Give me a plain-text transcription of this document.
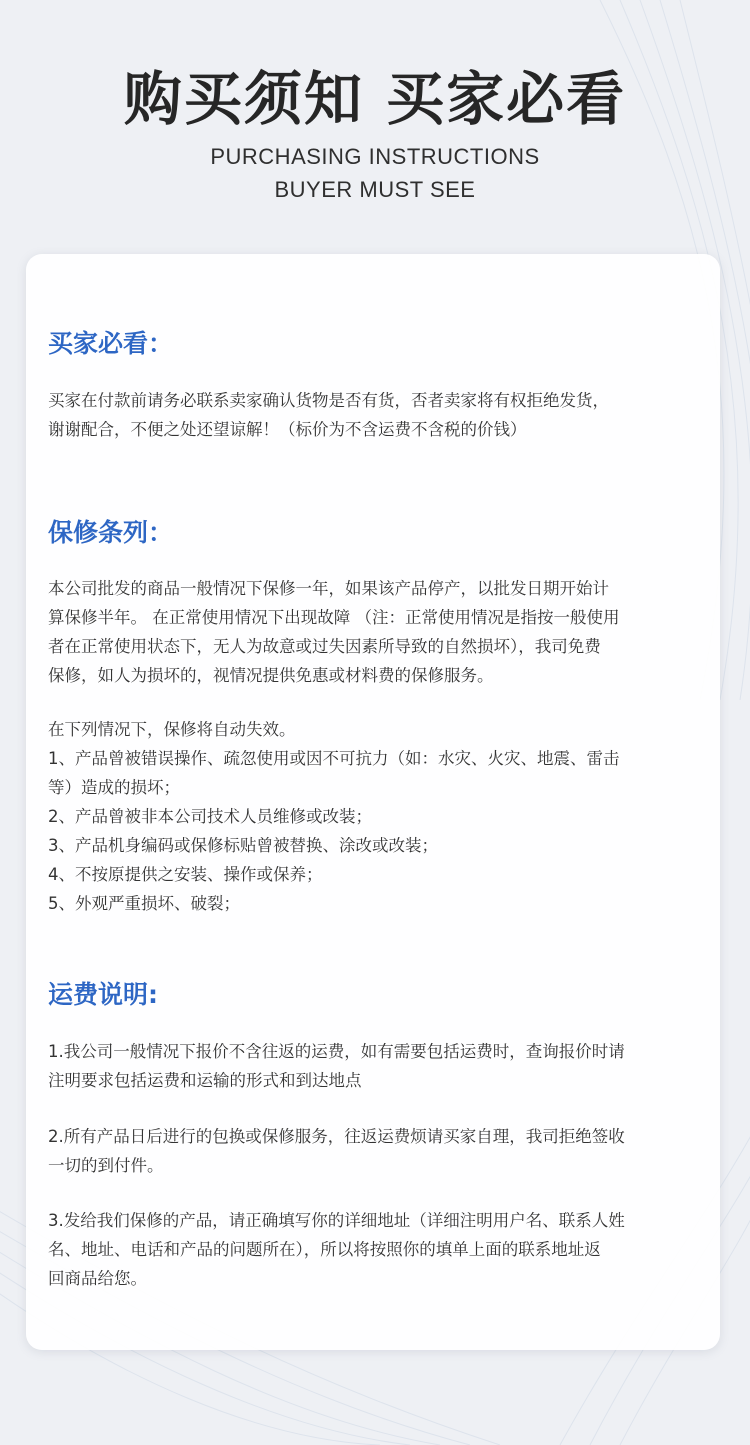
购买须知 买家必看
PURCHASING INSTRUCTIONS
BUYER MUST SEE
买家必看：

买家在付款前请务必联系卖家确认货物是否有货，否者卖家将有权拒绝发货，

谢谢配合，不便之处还望谅解！（标价为不含运费不含税的价钱）

保修条列：

本公司批发的商品一般情况下保修一年，如果该产品停产，以批发日期开始计

算保修半年。 在正常使用情况下出现故障 （注：正常使用情况是指按一般使用

者在正常使用状态下，无人为故意或过失因素所导致的自然损坏），我司免费

保修，如人为损坏的，视情况提供免惠或材料费的保修服务。

在下列情况下，保修将自动失效。

1、产品曾被错误操作、疏忽使用或因不可抗力（如：水灾、火灾、地震、雷击

等）造成的损坏；

2、产品曾被非本公司技术人员维修或改装；

3、产品机身编码或保修标贴曾被替换、涂改或改装；

4、不按原提供之安装、操作或保养；

5、外观严重损坏、破裂；

运费说明:

1.我公司一般情况下报价不含往返的运费，如有需要包括运费时，查询报价时请

注明要求包括运费和运输的形式和到达地点

2.所有产品日后进行的包换或保修服务，往返运费烦请买家自理，我司拒绝签收

一切的到付件。

3.发给我们保修的产品，请正确填写你的详细地址（详细注明用户名、联系人姓

名、地址、电话和产品的问题所在），所以将按照你的填单上面的联系地址返

回商品给您。
